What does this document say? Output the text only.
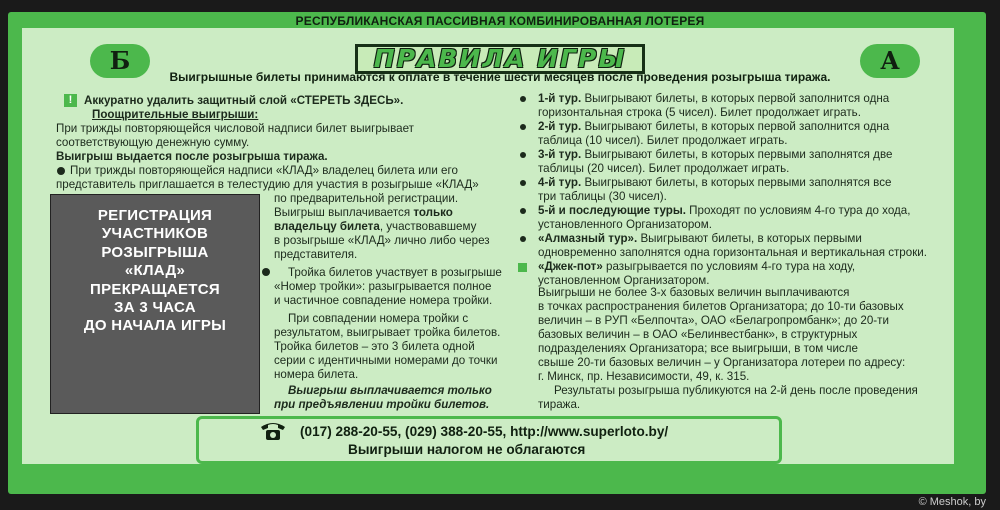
РЕСПУБЛИКАНСКАЯ ПАССИВНАЯ КОМБИНИРОВАННАЯ ЛОТЕРЕЯ
Б	А
ПРАВИЛА ИГРЫ
Выигрышные билеты принимаются к оплате в течение шести месяцев после проведения розыгрыша тиража.
!	Аккуратно удалить защитный слой «СТЕРЕТЬ ЗДЕСЬ».
Поощрительные выигрыши:
При трижды повторяющейся числовой надписи билет выигрывает
соответствующую денежную сумму.
Выигрыш выдается после розыгрыша тиража.
При трижды повторяющейся надписи «КЛАД» владелец билета или его
представитель приглашается в телестудию для участия в розыгрыше «КЛАД»
по предварительной регистрации.
Выигрыш выплачивается только
владельцу билета, участвовавшему
в розыгрыше «КЛАД» лично либо через
представителя.
Тройка билетов участвует в розыгрыше
«Номер тройки»: разыгрывается полное
и частичное совпадение номера тройки.
При совпадении номера тройки с
результатом, выигрывает тройка билетов.
Тройка билетов – это 3 билета одной
серии с идентичными номерами до точки
номера билета.
Выигрыш выплачивается только
при предъявлении тройки билетов.
РЕГИСТРАЦИЯ
УЧАСТНИКОВ
РОЗЫГРЫША
«КЛАД»
ПРЕКРАЩАЕТСЯ
ЗА 3 ЧАСА
ДО НАЧАЛА ИГРЫ
1-й тур. Выигрывают билеты, в которых первой заполнится одна
горизонтальная строка (5 чисел). Билет продолжает играть.
2-й тур. Выигрывают билеты, в которых первой заполнится одна
таблица (10 чисел). Билет продолжает играть.
3-й тур. Выигрывают билеты, в которых первыми заполнятся две
таблицы (20 чисел). Билет продолжает играть.
4-й тур. Выигрывают билеты, в которых первыми заполнятся все
три таблицы (30 чисел).
5-й и последующие туры. Проходят по условиям 4-го тура до хода,
установленного Организатором.
«Алмазный тур». Выигрывают билеты, в которых первыми
одновременно заполнятся одна горизонтальная и вертикальная строки.
«Джек-пот» разыгрывается по условиям 4-го тура на ходу,
установленном Организатором.
Выигрыши не более 3-х базовых величин выплачиваются
в точках распространения билетов Организатора; до 10-ти базовых
величин – в РУП «Белпочта», ОАО «Белагропромбанк»; до 20-ти
базовых величин – в ОАО «Белинвестбанк», в структурных
подразделениях Организатора; все выигрыши, в том числе
свыше 20-ти базовых величин – у Организатора лотереи по адресу:
г. Минск, пр. Независимости, 49, к. 315.
Результаты розыгрыша публикуются на 2-й день после проведения
тиража.
(017) 288-20-55, (029) 388-20-55, http://www.superloto.by/
Выигрыши налогом не облагаются
© Meshok, by
